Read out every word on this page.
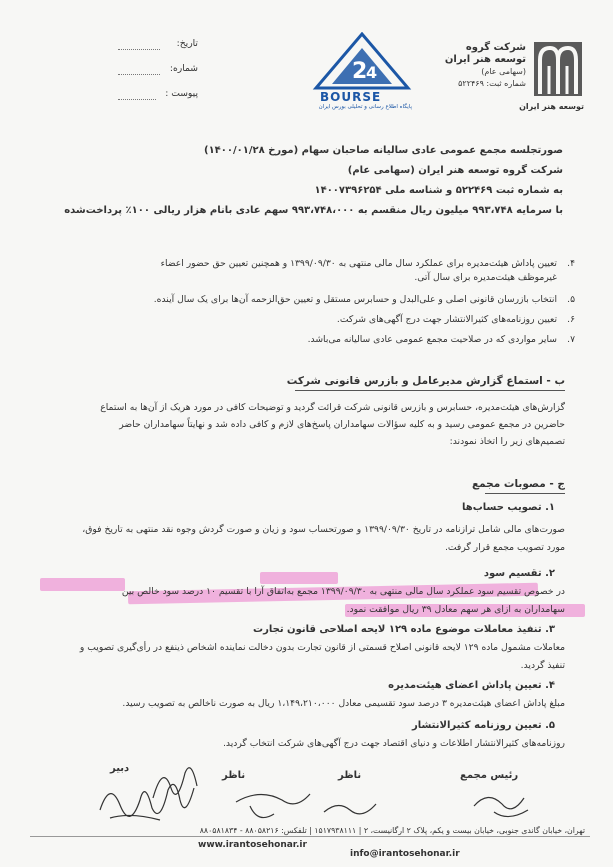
تاریخ:
شماره:
پیوست :
2
4
BOURSE
پایگاه اطلاع رسانی و تحلیلی بورس ایران
شرکت گروه
توسعه هنر ایران
(سهامی عام)
شماره ثبت: ۵۲۲۴۶۹
توسعه هنر ایران
صورتجلسه مجمع عمومی عادی سالیانه صاحبان سهام (مورخ ۱۴۰۰/۰۱/۲۸)
شرکت گروه توسعه هنر ایران (سهامی عام)
به شماره ثبت ۵۲۲۴۶۹ و شناسه ملی ۱۴۰۰۷۳۹۶۲۵۴
با سرمایه ۹۹۳،۷۴۸ میلیون ریال منقسم به ۹۹۳،۷۴۸،۰۰۰ سهم عادی بانام هزار ریالی ۱۰۰٪ پرداخت‌شده
۴.
تعیین پاداش هیئت‌مدیره برای عملکرد سال مالی منتهی به ۱۳۹۹/۰۹/۳۰ و همچنین تعیین حق حضور اعضاء
غیرموظف هیئت‌مدیره برای سال آتی.
۵.
انتخاب بازرسان قانونی اصلی و علی‌البدل و حسابرس مستقل و تعیین حق‌الزحمه آن‌ها برای یک سال آینده.
۶.
تعیین روزنامه‌های کثیرالانتشار جهت درج آگهی‌های شرکت.
۷.
سایر مواردی که در صلاحیت مجمع عمومی عادی سالیانه می‌باشد.
ب - استماع گزارش مدیرعامل و بازرس قانونی شرکت
گزارش‌های هیئت‌مدیره، حسابرس و بازرس قانونی شرکت قرائت گردید و توضیحات کافی در مورد هریک از آن‌ها به استماع
حاضرین در مجمع عمومی رسید و به کلیه سؤالات سهامداران پاسخ‌های لازم و کافی داده شد و نهایتاً سهامداران حاضر
تصمیم‌های زیر را اتخاذ نمودند:
ج - مصوبات مجمع
۱. تصویب حساب‌ها
صورت‌های مالی شامل ترازنامه در تاریخ ۱۳۹۹/۰۹/۳۰ و صورتحساب سود و زیان و صورت گردش وجوه نقد منتهی به تاریخ فوق،
مورد تصویب مجمع قرار گرفت.
۲. تقسیم سود
در خصوص تقسیم سود عملکرد سال مالی منتهی به ۱۳۹۹/۰۹/۳۰ مجمع به‌اتفاق آرا با تقسیم ۱۰ درصد سود خالص بین
سهامداران به ازای هر سهم معادل ۳۹ ریال موافقت نمود.
۳. تنفیذ معاملات موضوع ماده ۱۲۹ لایحه اصلاحی قانون تجارت
معاملات مشمول ماده ۱۲۹ لایحه قانونی اصلاح قسمتی از قانون تجارت بدون دخالت نماینده اشخاص ذینفع در رأی‌گیری تصویب و
تنفیذ گردید.
۴. تعیین پاداش اعضای هیئت‌مدیره
مبلغ پاداش اعضای هیئت‌مدیره ۳ درصد سود تقسیمی معادل ۱،۱۴۹،۲۱۰،۰۰۰ ریال به صورت ناخالص به تصویب رسید.
۵. تعیین روزنامه کثیرالانتشار
روزنامه‌های کثیرالانتشار اطلاعات و دنیای اقتصاد جهت درج آگهی‌های شرکت انتخاب گردید.
رئیس مجمع
ناظر
ناظر
دبیر
تهران، خیابان گاندی جنوبی، خیابان بیست و یکم، پلاک ۲ ارگانیست، ۲ | ۱۵۱۷۹۳۸۱۱۱ | تلفکس: ۸۸۰۵۸۲۱۶ - ۸۸۰۵۸۱۸۳۴
www.irantosehonar.ir
info@irantosehonar.ir
